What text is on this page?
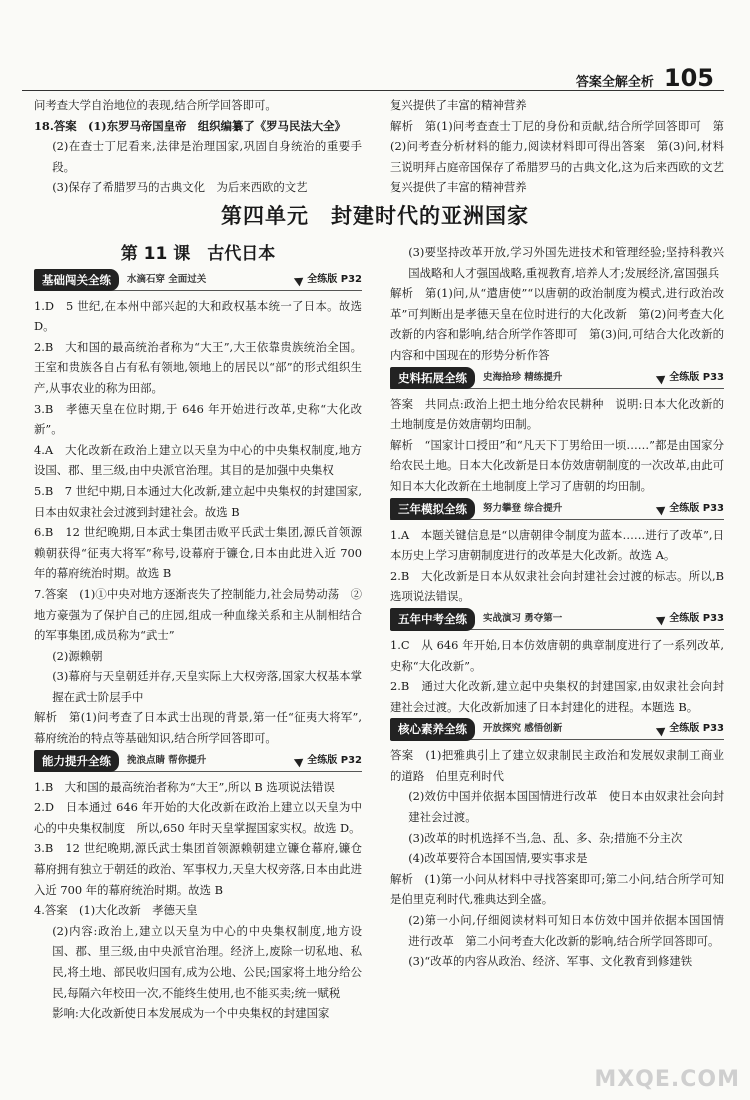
答案全解全析 105

问考查大学自治地位的表现,结合所学回答即可。

18.答案　(1)东罗马帝国皇帝　组织编纂了《罗马民法大全》

(2)在查士丁尼看来,法律是治理国家,巩固自身统治的重要手段。

(3)保存了希腊罗马的古典文化　为后来西欧的文艺

复兴提供了丰富的精神营养

解析　第(1)问考查查士丁尼的身份和贡献,结合所学回答即可　第(2)问考查分析材料的能力,阅读材料即可得出答案　第(3)问,材料三说明拜占庭帝国保存了希腊罗马的古典文化,这为后来西欧的文艺复兴提供了丰富的精神营养

第四单元　封建时代的亚洲国家
第 11 课　古代日本
基础闯关全练	水滴石穿 全面过关	全练版 P32

1.D　5 世纪,在本州中部兴起的大和政权基本统一了日本。故选 D。

2.B　大和国的最高统治者称为“大王”,大王依靠贵族统治全国。王室和贵族各自占有私有领地,领地上的居民以“部”的形式组织生产,从事农业的称为田部。

3.B　孝德天皇在位时期,于 646 年开始进行改革,史称“大化改新”。

4.A　大化改新在政治上建立以天皇为中心的中央集权制度,地方设国、郡、里三级,由中央派官治理。其目的是加强中央集权

5.B　7 世纪中期,日本通过大化改新,建立起中央集权的封建国家,日本由奴隶社会过渡到封建社会。故选 B

6.B　12 世纪晚期,日本武士集团击败平氏武士集团,源氏首领源赖朝获得“征夷大将军”称号,设幕府于镰仓,日本由此进入近 700 年的幕府统治时期。故选 B

7.答案　(1)①中央对地方逐渐丧失了控制能力,社会局势动荡　②地方豪强为了保护自己的庄园,组成一种血缘关系和主从制相结合的军事集团,成员称为“武士”

(2)源赖朝

(3)幕府与天皇朝廷并存,天皇实际上大权旁落,国家大权基本掌握在武士阶层手中

解析　第(1)问考查了日本武士出现的背景,第一任“征夷大将军”,幕府统治的特点等基础知识,结合所学回答即可。

能力提升全练	挽浪点睛 帮你提升	全练版 P32

1.B　大和国的最高统治者称为“大王”,所以 B 选项说法错误

2.D　日本通过 646 年开始的大化改新在政治上建立以天皇为中心的中央集权制度　所以,650 年时天皇掌握国家实权。故选 D。

3.B　12 世纪晚期,源氏武士集团首领源赖朝建立镰仓幕府,镰仓幕府拥有独立于朝廷的政治、军事权力,天皇大权旁落,日本由此进入近 700 年的幕府统治时期。故选 B

4.答案　(1)大化改新　孝德天皇

(2)内容:政治上,建立以天皇为中心的中央集权制度,地方设国、郡、里三级,由中央派官治理。经济上,废除一切私地、私民,将土地、部民收归国有,成为公地、公民;国家将土地分给公民,每隔六年校田一次,不能终生使用,也不能买卖;统一赋税

影响:大化改新使日本发展成为一个中央集权的封建国家

(3)要坚持改革开放,学习外国先进技术和管理经验;坚持科教兴国战略和人才强国战略,重视教育,培养人才;发展经济,富国强兵

解析　第(1)问,从“遣唐使”“以唐朝的政治制度为模式,进行政治改革”可判断出是孝德天皇在位时进行的大化改新　第(2)问考查大化改新的内容和影响,结合所学作答即可　第(3)问,可结合大化改新的内容和中国现在的形势分析作答

史料拓展全练	史海拾珍 精练提升	全练版 P33

答案　共同点:政治上把土地分给农民耕种　说明:日本大化改新的土地制度是仿效唐朝均田制。

解析　“国家计口授田”和“凡天下丁男给田一顷……”都是由国家分给农民土地。日本大化改新是日本仿效唐朝制度的一次改革,由此可知日本大化改新在土地制度上学习了唐朝的均田制。

三年模拟全练	努力攀登 综合提升	全练版 P33

1.A　本题关键信息是“以唐朝律令制度为蓝本……进行了改革”,日本历史上学习唐朝制度进行的改革是大化改新。故选 A。

2.B　大化改新是日本从奴隶社会向封建社会过渡的标志。所以,B 选项说法错误。

五年中考全练	实战演习 勇夺第一	全练版 P33

1.C　从 646 年开始,日本仿效唐朝的典章制度进行了一系列改革,史称“大化改新”。

2.B　通过大化改新,建立起中央集权的封建国家,由奴隶社会向封建社会过渡。大化改新加速了日本封建化的进程。本题选 B。

核心素养全练	开放探究 感悟创新	全练版 P33

答案　(1)把雅典引上了建立奴隶制民主政治和发展奴隶制工商业的道路　伯里克利时代

(2)效仿中国并依据本国国情进行改革　使日本由奴隶社会向封建社会过渡。

(3)改革的时机选择不当,急、乱、多、杂;措施不分主次

(4)改革要符合本国国情,要实事求是

解析　(1)第一小问从材料中寻找答案即可;第二小问,结合所学可知是伯里克利时代,雅典达到全盛。

(2)第一小问,仔细阅读材料可知日本仿效中国并依据本国国情进行改革　第二小问考查大化改新的影响,结合所学回答即可。

(3)“改革的内容从政治、经济、军事、文化教育到修建铁

MXQE.COM
